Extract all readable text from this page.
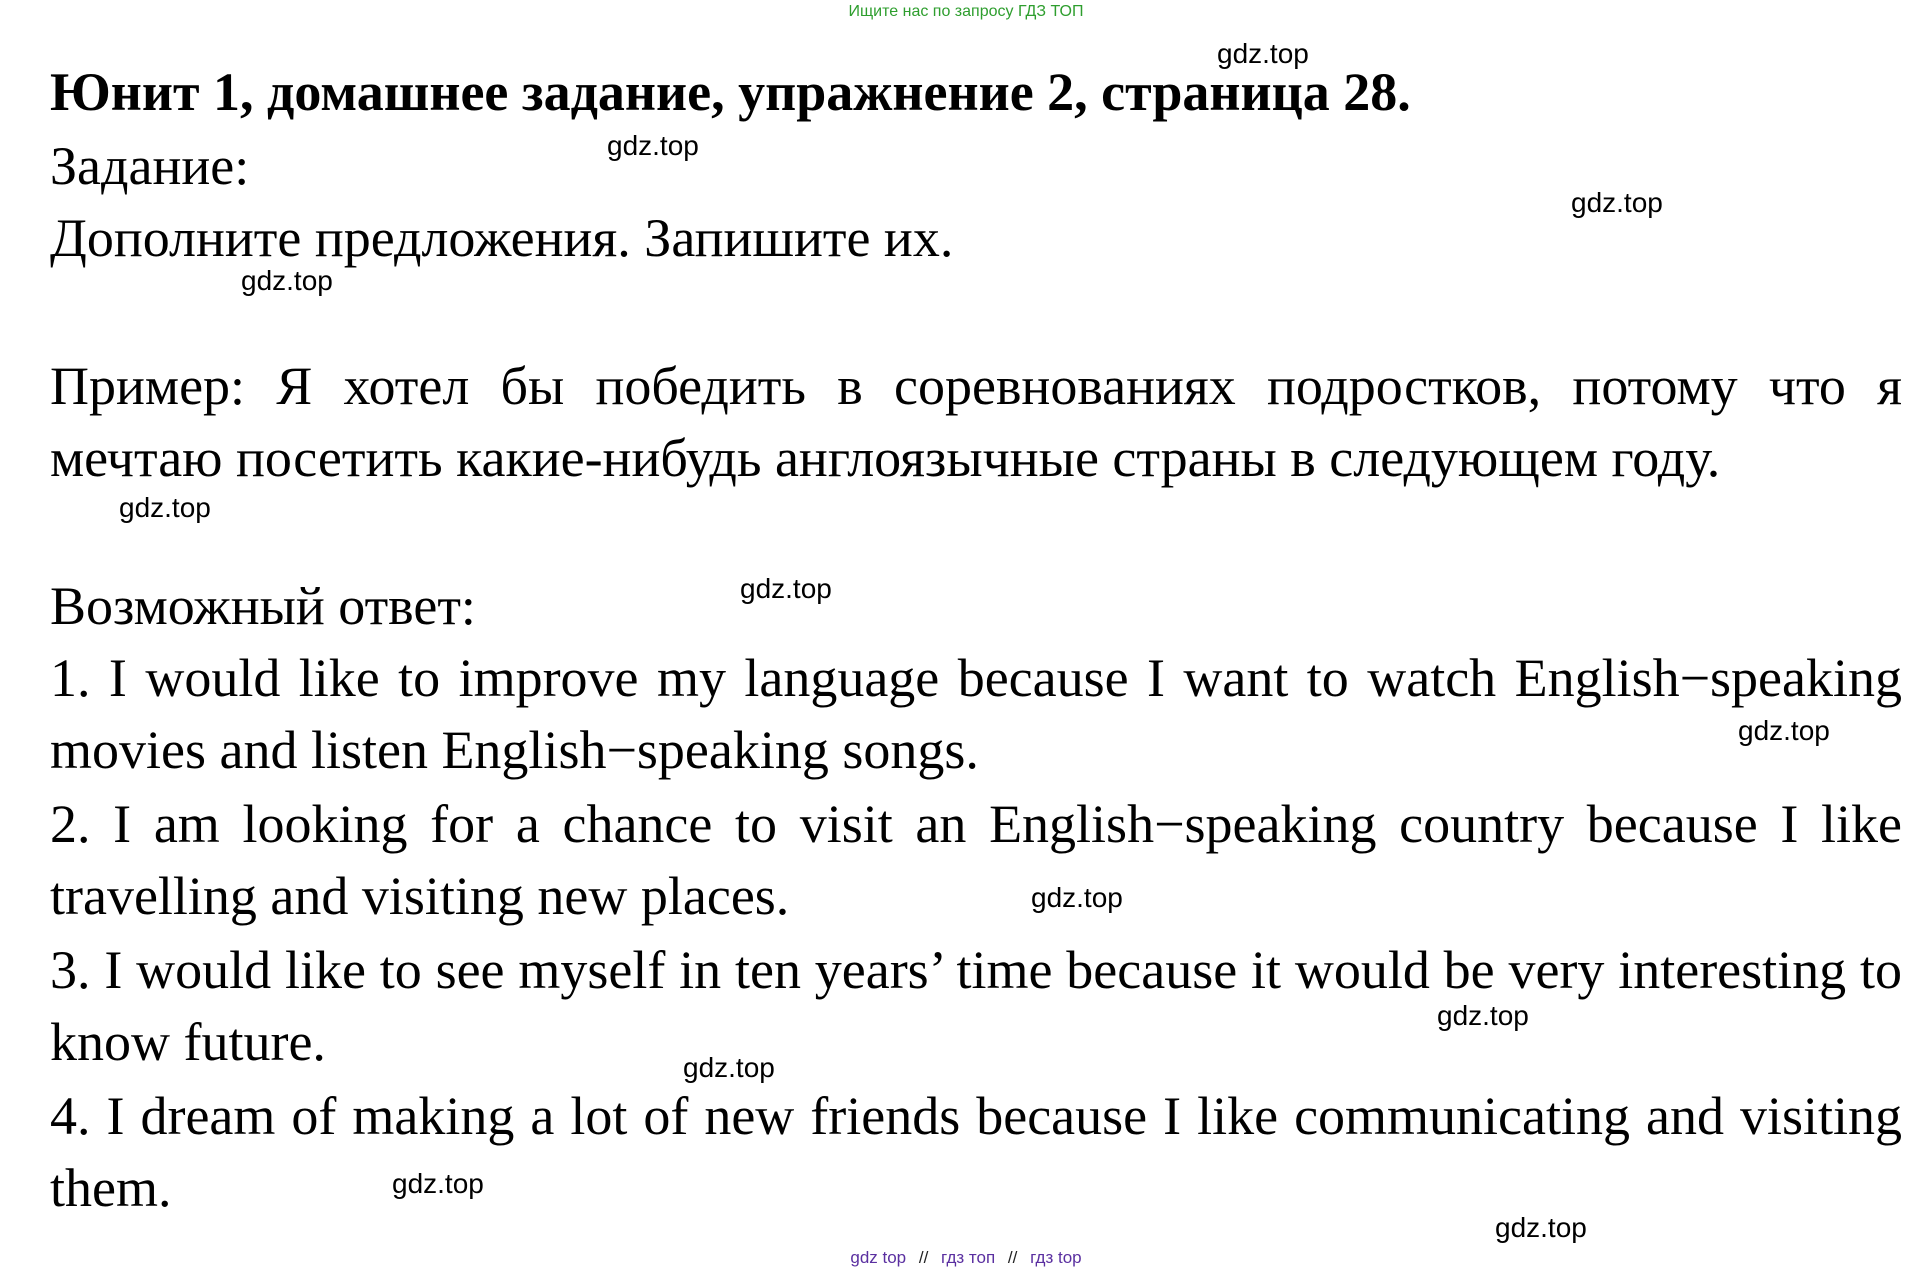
Ищите нас по запросу ГДЗ ТОП
Юнит 1, домашнее задание, упражнение 2, страница 28.
Задание:
Дополните предложения. Запишите их.
Пример: Я хотел бы победить в соревнованиях подростков, потому что я мечтаю посетить какие-нибудь англоязычные страны в следующем году.
Возможный ответ:
1. I would like to improve my language because I want to watch English−speaking movies and listen English−speaking songs.
2. I am looking for a chance to visit an English−speaking country because I like travelling and visiting new places.
3. I would like to see myself in ten years’ time because it would be very interesting to know future.
4. I dream of making a lot of new friends because I like communicating and visiting them.
gdz.top
gdz.top
gdz.top
gdz.top
gdz.top
gdz.top
gdz.top
gdz.top
gdz.top
gdz.top
gdz.top
gdz.top
gdz top // гдз топ // гдз top
